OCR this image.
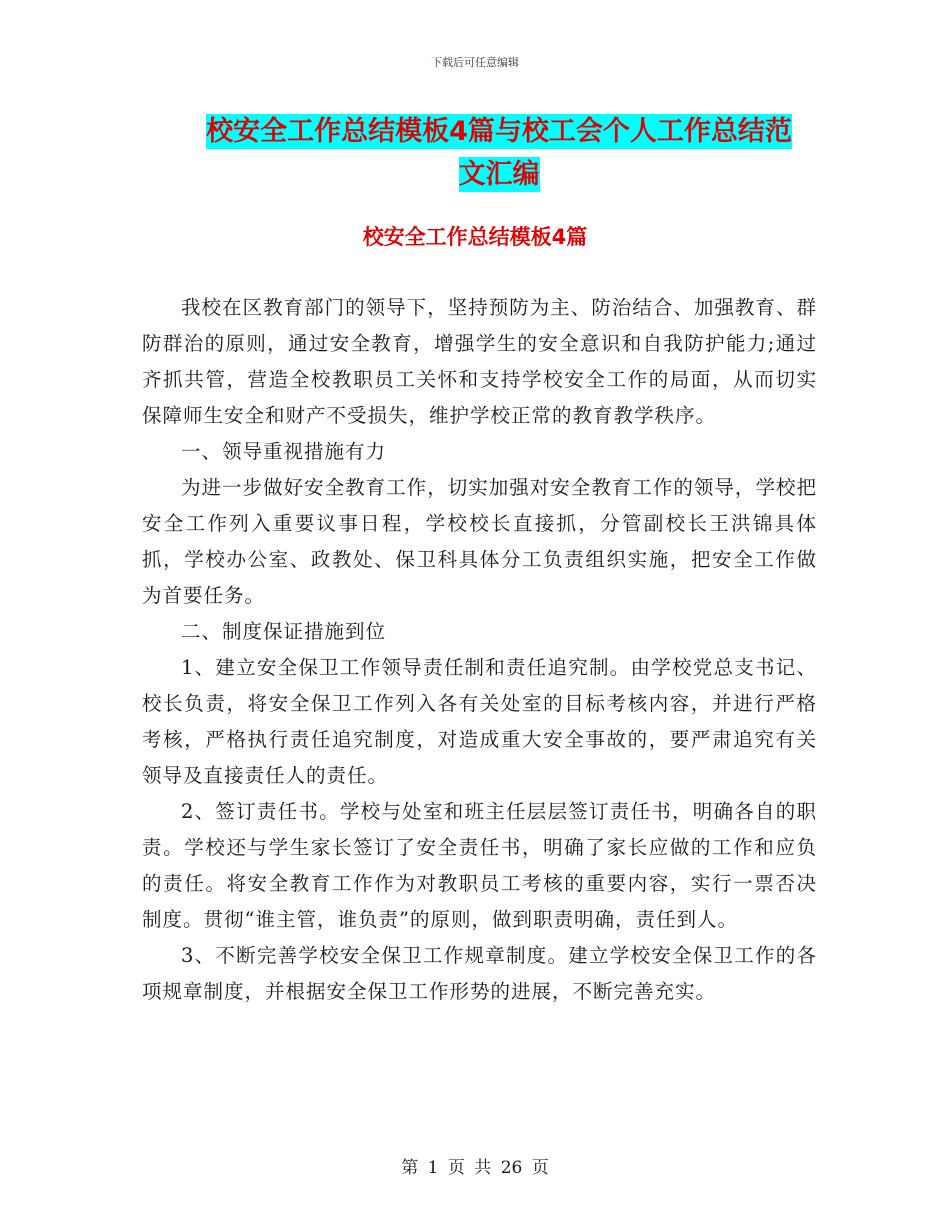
下载后可任意编辑
校安全工作总结模板4篇与校工会个人工作总结范文汇编
校安全工作总结模板4篇

我校在区教育部门的领导下，坚持预防为主、防治结合、加强教育、群防群治的原则，通过安全教育，增强学生的安全意识和自我防护能力;通过齐抓共管，营造全校教职员工关怀和支持学校安全工作的局面，从而切实保障师生安全和财产不受损失，维护学校正常的教育教学秩序。

一、领导重视措施有力

为进一步做好安全教育工作，切实加强对安全教育工作的领导，学校把安全工作列入重要议事日程，学校校长直接抓，分管副校长王洪锦具体抓，学校办公室、政教处、保卫科具体分工负责组织实施，把安全工作做为首要任务。

二、制度保证措施到位

1、建立安全保卫工作领导责任制和责任追究制。由学校党总支书记、校长负责，将安全保卫工作列入各有关处室的目标考核内容，并进行严格考核，严格执行责任追究制度，对造成重大安全事故的，要严肃追究有关领导及直接责任人的责任。

2、签订责任书。学校与处室和班主任层层签订责任书，明确各自的职责。学校还与学生家长签订了安全责任书，明确了家长应做的工作和应负的责任。将安全教育工作作为对教职员工考核的重要内容，实行一票否决制度。贯彻“谁主管，谁负责”的原则，做到职责明确，责任到人。

3、不断完善学校安全保卫工作规章制度。建立学校安全保卫工作的各项规章制度，并根据安全保卫工作形势的进展，不断完善充实。

第 1 页 共 26 页
